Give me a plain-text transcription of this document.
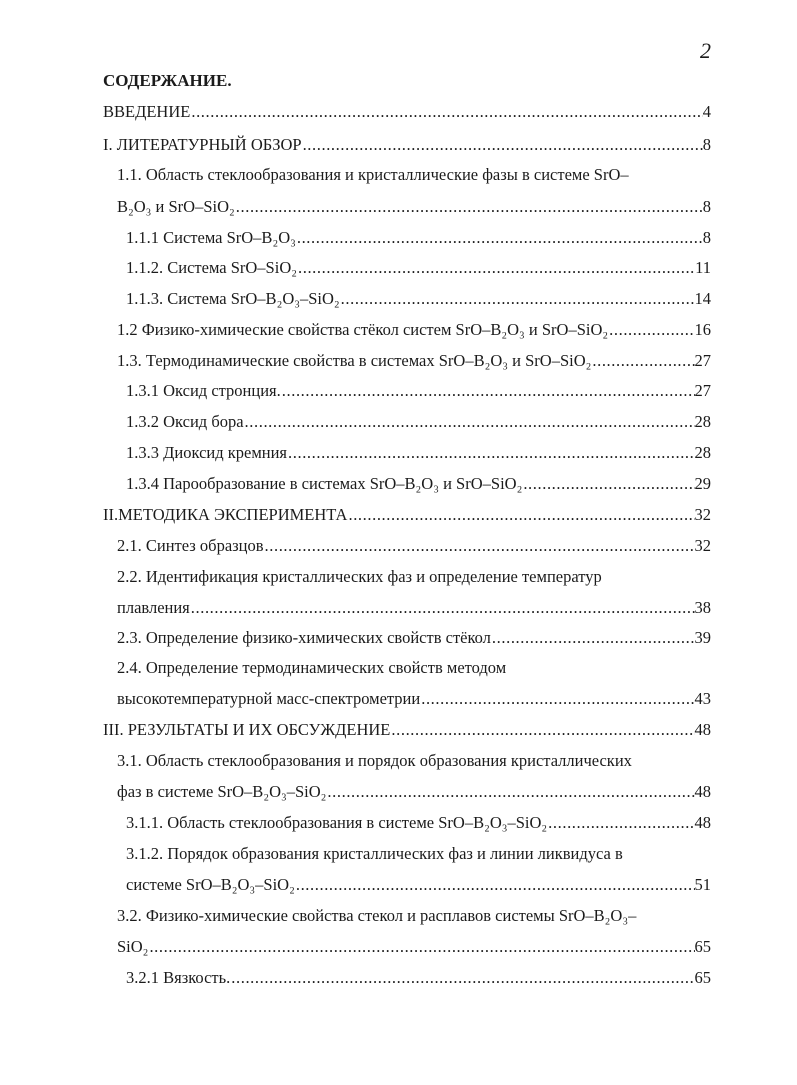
2
СОДЕРЖАНИЕ.
ВВЕДЕНИЕ .....	4
I. ЛИТЕРАТУРНЫЙ ОБЗОР .....	8
1.1. Область стеклообразования и кристаллические фазы в системе SrO–
B₂O₃ и SrO–SiO₂ .....	8
1.1.1 Система SrO–B₂O₃ .....	8
1.1.2. Система SrO–SiO₂ .....	11
1.1.3. Система SrO–B₂O₃–SiO₂ .....	14
1.2 Физико-химические свойства стёкол систем SrO–B₂O₃ и SrO–SiO₂ .....	16
1.3. Термодинамические свойства в системах SrO–B₂O₃ и SrO–SiO₂ .....	27
1.3.1 Оксид стронция. .....	27
1.3.2 Оксид бора .....	28
1.3.3 Диоксид кремния .....	28
1.3.4 Парообразование в системах SrO–B₂O₃ и SrO–SiO₂ .....	29
II.МЕТОДИКА ЭКСПЕРИМЕНТА .....	32
2.1. Синтез образцов .....	32
2.2. Идентификация кристаллических фаз и определение температур
плавления .....	38
2.3. Определение физико-химических свойств стёкол .....	39
2.4. Определение термодинамических свойств методом
высокотемпературной масс-спектрометрии .....	43
III. РЕЗУЛЬТАТЫ И ИХ ОБСУЖДЕНИЕ .....	48
3.1. Область стеклообразования и порядок образования кристаллических
фаз в системе SrO–B₂O₃–SiO₂ .....	48
3.1.1. Область стеклообразования в системе SrO–B₂O₃–SiO₂ .....	48
3.1.2. Порядок образования кристаллических фаз и линии ликвидуса в
системе SrO–B₂O₃–SiO₂ .....	51
3.2. Физико-химические свойства стекол и расплавов системы SrO–B₂O₃–
SiO₂ .....	65
3.2.1 Вязкость. .....	65
